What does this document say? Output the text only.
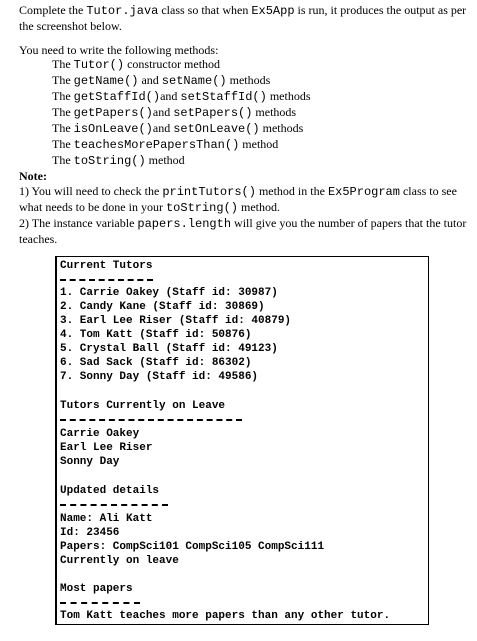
Complete the Tutor.java class so that when Ex5App is run, it produces the output as per the screenshot below.
You need to write the following methods:
The Tutor() constructor method
The getName() and setName() methods
The getStaffId()and setStaffId() methods
The getPapers()and setPapers() methods
The isOnLeave()and setOnLeave() methods
The teachesMorePapersThan() method
The toString() method
Note:
1) You will need to check the printTutors() method in the Ex5Program class to see what needs to be done in your toString() method.
2) The instance variable papers.length will give you the number of papers that the tutor teaches.
Current Tutors
1. Carrie Oakey (Staff id: 30987)
2. Candy Kane (Staff id: 30869)
3. Earl Lee Riser (Staff id: 40879)
4. Tom Katt (Staff id: 50876)
5. Crystal Ball (Staff id: 49123)
6. Sad Sack (Staff id: 86302)
7. Sonny Day (Staff id: 49586)
Tutors Currently on Leave
Carrie Oakey
Earl Lee Riser
Sonny Day
Updated details
Name: Ali Katt
Id: 23456
Papers: CompSci101 CompSci105 CompSci111
Currently on leave
Most papers
Tom Katt teaches more papers than any other tutor.
